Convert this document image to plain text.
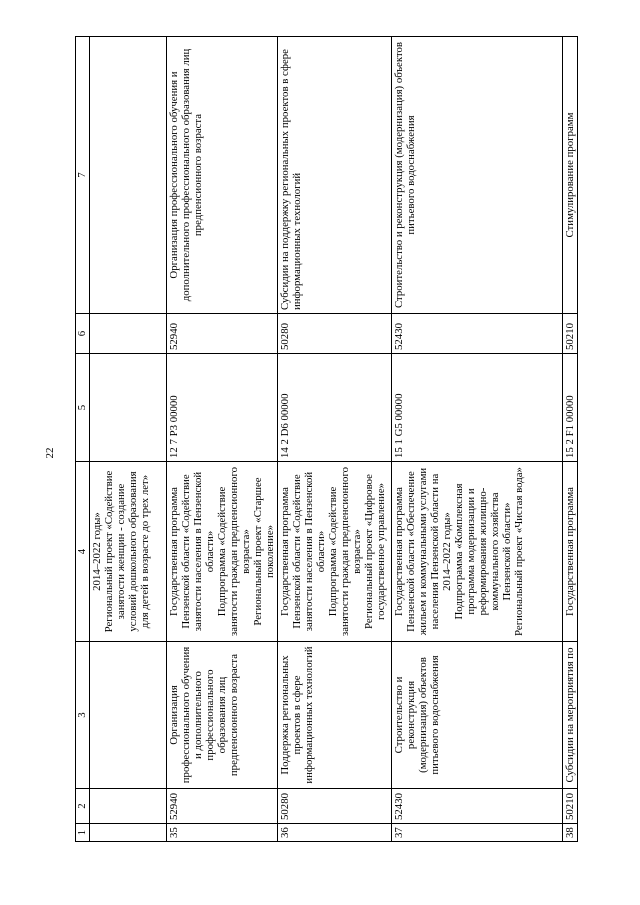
22
1	2	3	4	5	6	7

			2014–2022 годы» Региональный проект «Содействие занятости женщин - создание условий дошкольного образования для детей в возрасте до трех лет»			

35	52940	Организация профессионального обучения и дополнительного профессионального образования лиц предпенсионного возраста	Государственная программа Пензенской области «Содействие занятости населения в Пензенской области» Подпрограмма «Содействие занятости граждан предпенсионного возраста» Региональный проект «Старшее поколение»	12 7 P3 00000	52940	Организация профессионального обучения и дополнительного профессионального образования лиц предпенсионного возраста
36	50280	Поддержка региональных проектов в сфере информационных технологий	Государственная программа Пензенской области «Содействие занятости населения в Пензенской области» Подпрограмма «Содействие занятости граждан предпенсионного возраста» Региональный проект «Цифровое государственное управление»	14 2 D6 00000	50280	Субсидии на поддержку региональных проектов в сфере информационных технологий
37	52430	Строительство и реконструкция (модернизация) объектов питьевого водоснабжения	Государственная программа Пензенской области «Обеспечение жильем и коммунальными услугами населения Пензенской области на 2014–2022 годы» Подпрограмма «Комплексная программа модернизации и реформирования жилищно-коммунального хозяйства Пензенской области» Региональный проект «Чистая вода»	15 1 G5 00000	52430	Строительство и реконструкция (модернизация) объектов питьевого водоснабжения
38	50210	Субсидии на мероприятия по	Государственная программа	15 2 F1 00000	50210	Стимулирование программ
